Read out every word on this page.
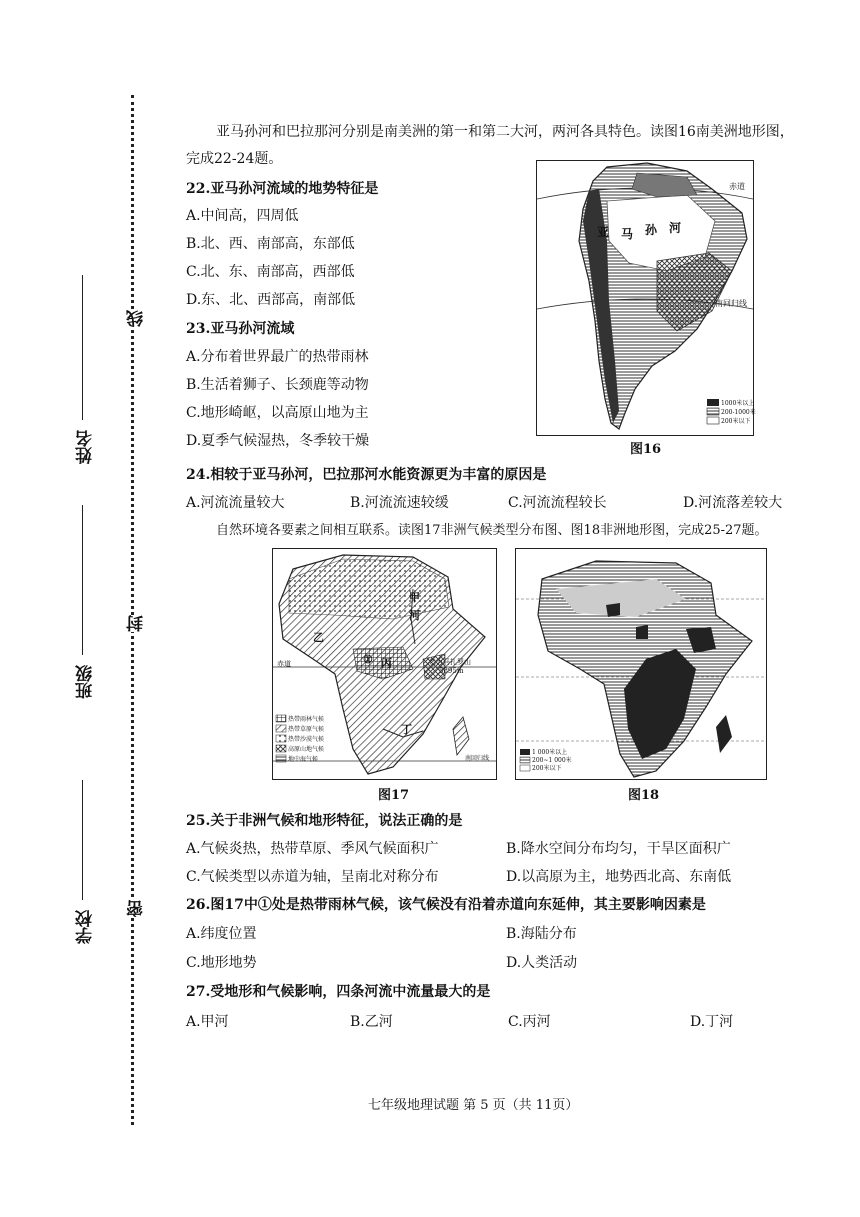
密
封
线
学校
班级
姓名
亚马孙河和巴拉那河分别是南美洲的第一和第二大河，两河各具特色。读图16南美洲地形图，
完成22-24题。
22.亚马孙河流域的地势特征是
A.中间高，四周低
B.北、西、南部高，东部低
C.北、东、南部高，西部低
D.东、北、西部高，南部低
23.亚马孙河流域
A.分布着世界最广的热带雨林
B.生活着狮子、长颈鹿等动物
C.地形崎岖，以高原山地为主
D.夏季气候湿热，冬季较干燥
赤道
南回归线
亚 马 孙 河
1000米以上
200-1000米
200米以下
图16
24.相较于亚马孙河，巴拉那河水能资源更为丰富的原因是
A.河流流量较大	B.河流流速较缓	C.河流流程较长	D.河流落差较大
自然环境各要素之间相互联系。读图17非洲气候类型分布图、图18非洲地形图，完成25-27题。
甲
河
乙
① 丙
丁
乞力马扎罗山
5895m
赤道
南回归线
热带雨林气候
热带草原气候
热带沙漠气候
高原山地气候
地中海气候
图17
1 000米以上
200~1 000米
200米以下
图18
25.关于非洲气候和地形特征，说法正确的是
A.气候炎热，热带草原、季风气候面积广	B.降水空间分布均匀，干旱区面积广
C.气候类型以赤道为轴，呈南北对称分布	D.以高原为主，地势西北高、东南低
26.图17中①处是热带雨林气候，该气候没有沿着赤道向东延伸，其主要影响因素是
A.纬度位置	B.海陆分布
C.地形地势	D.人类活动
27.受地形和气候影响，四条河流中流量最大的是
A.甲河	B.乙河	C.丙河	D.丁河
七年级地理试题 第 5 页（共 11页）
